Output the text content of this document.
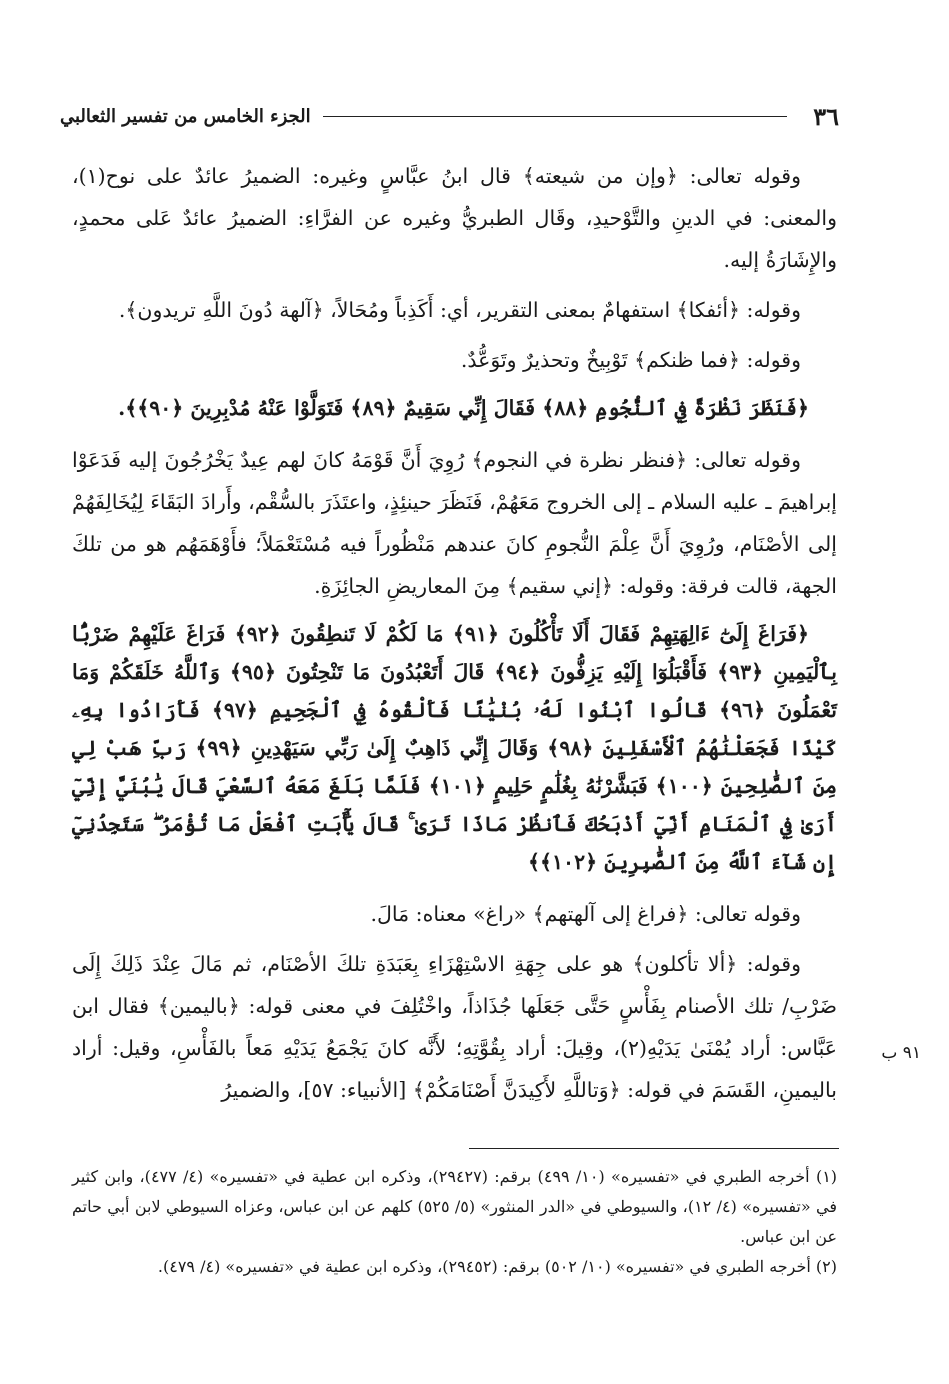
٣٦
الجزء الخامس من تفسير الثعالبي

وقوله تعالى: ﴿وإن من شيعته﴾ قال ابنُ عبَّاسٍ وغيره: الضميرُ عائدٌ على نوح(١)، والمعنى: في الدينِ والتَّوْحيدِ، وقَال الطبريُّ وغيره عن الفرَّاءِ: الضميرُ عائدٌ عَلى محمدٍ، والإِشَارَةُ إليه.

وقوله: ﴿أئفكا﴾ استفهامٌ بمعنى التقرير، أي: أَكَذِباً ومُحَالاً، ﴿آلهة دُونَ اللَّهِ تريدون﴾.

وقوله: ﴿فما ظنكم﴾ تَوْبِيخٌ وتحذيرٌ وتَوَعُّدٌ.

﴿فَنَظَرَ نَظْرَةً فِي ٱلنُّجُومِ ﴿٨٨﴾ فَقَالَ إِنِّي سَقِيمٌ ﴿٨٩﴾ فَتَوَلَّوْا عَنْهُ مُدْبِرِينَ ﴿٩٠﴾﴾.

وقوله تعالى: ﴿فنظر نظرة في النجوم﴾ رُوِيَ أَنَّ قَوْمَهُ كانَ لهم عِيدٌ يَخْرُجُونَ إليه فَدَعَوْا إبراهيمَ ـ عليه السلام ـ إلى الخروج مَعَهُمْ، فَنَظَرَ حينئِذٍ، واعتَذَرَ بالسُّقْم، وأَرادَ البَقَاءَ لِيُخَالِفَهُمْ إلى الأصْنَام، ورُوِيَ أَنَّ عِلْمَ النُّجومِ كانَ عندهم مَنْظُوراً فيه مُسْتَعْمَلاً؛ فأَوْهَمَهُم هو من تلكَ الجهة، قالت فرقة: وقوله: ﴿إني سقيم﴾ مِنَ المعاريضِ الجائِزَةِ.

﴿فَرَاغَ إِلَىٰٓ ءَالِهَتِهِمْ فَقَالَ أَلَا تَأْكُلُونَ ﴿٩١﴾ مَا لَكُمْ لَا تَنطِقُونَ ﴿٩٢﴾ فَرَاغَ عَلَيْهِمْ ضَرْبًۢا بِٱلْيَمِينِ ﴿٩٣﴾ فَأَقْبَلُوٓا إِلَيْهِ يَزِفُّونَ ﴿٩٤﴾ قَالَ أَتَعْبُدُونَ مَا تَنْحِتُونَ ﴿٩٥﴾ وَٱللَّهُ خَلَقَكُمْ وَمَا تَعْمَلُونَ ﴿٩٦﴾ قَالُوا ٱبْنُوا لَهُۥ بُنْيَٰنًا فَأَلْقُوهُ فِي ٱلْجَحِيمِ ﴿٩٧﴾ فَأَرَادُوا بِهِۦ كَيْدًا فَجَعَلْنَٰهُمُ ٱلْأَسْفَلِينَ ﴿٩٨﴾ وَقَالَ إِنِّي ذَاهِبٌ إِلَىٰ رَبِّي سَيَهْدِينِ ﴿٩٩﴾ رَبِّ هَبْ لِي مِنَ ٱلصَّٰلِحِينَ ﴿١٠٠﴾ فَبَشَّرْنَٰهُ بِغُلَٰمٍ حَلِيمٍ ﴿١٠١﴾ فَلَمَّا بَلَغَ مَعَهُ ٱلسَّعْيَ قَالَ يَٰبُنَيَّ إِنِّيٓ أَرَىٰ فِي ٱلْمَنَامِ أَنِّيٓ أَذْبَحُكَ فَٱنظُرْ مَاذَا تَرَىٰ ۚ قَالَ يَٰٓأَبَتِ ٱفْعَلْ مَا تُؤْمَرُ ۖ سَتَجِدُنِيٓ إِن شَآءَ ٱللَّهُ مِنَ ٱلصَّٰبِرِينَ ﴿١٠٢﴾﴾

وقوله تعالى: ﴿فراغ إلى آلهتهم﴾ «راغ» معناه: مَالَ.

وقوله: ﴿ألا تأكلون﴾ هو على جِهَةِ الاسْتِهْزَاءِ بِعَبَدَةِ تلكَ الأصْنَام، ثم مَالَ عِنْدَ ذَلِكَ إِلَى ضَرْبِ/ تلك الأصنام بِفَأْسٍ حَتَّى جَعَلَها جُذَاذاً، واخْتُلِفَ في معنى قوله: ﴿باليمين﴾ فقال ابن عَبَّاس: أراد يُمْنَىٰ يَدَيْهِ(٢)، وقِيلَ: أراد بِقُوَّتِهِ؛ لأَنَّه كانَ يَجْمَعُ يَدَيْهِ مَعاً بالفَأْسِ، وقيل: أراد باليمينِ، القَسَمَ في قوله: ﴿وَتاللَّهِ لأَكِيدَنَّ أَصْنَامَكُمْ﴾ [الأنبياء: ٥٧]، والضميرُ

٩١ ب

(١) أخرجه الطبري في «تفسيره» (١٠/ ٤٩٩) برقم: (٢٩٤٢٧)، وذكره ابن عطية في «تفسيره» (٤/ ٤٧٧)، وابن كثير في «تفسيره» (٤/ ١٢)، والسيوطي في «الدر المنثور» (٥/ ٥٢٥) كلهم عن ابن عباس، وعزاه السيوطي لابن أبي حاتم عن ابن عباس.

(٢) أخرجه الطبري في «تفسيره» (١٠/ ٥٠٢) برقم: (٢٩٤٥٢)، وذكره ابن عطية في «تفسيره» (٤/ ٤٧٩).
